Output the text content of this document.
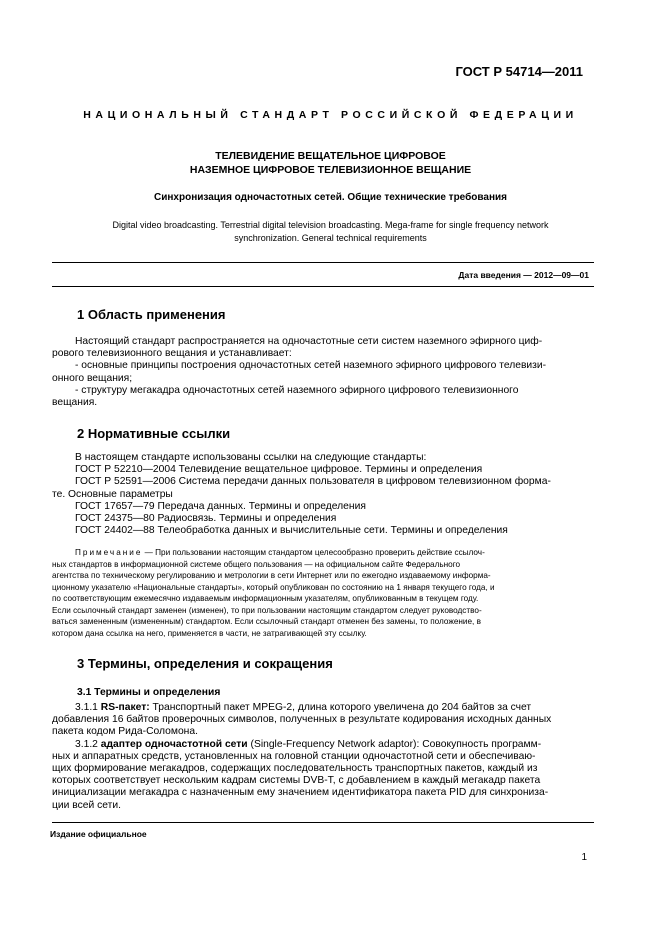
ГОСТ Р 54714—2011
НАЦИОНАЛЬНЫЙ СТАНДАРТ РОССИЙСКОЙ ФЕДЕРАЦИИ
ТЕЛЕВИДЕНИЕ ВЕЩАТЕЛЬНОЕ ЦИФРОВОЕ
НАЗЕМНОЕ ЦИФРОВОЕ ТЕЛЕВИЗИОННОЕ ВЕЩАНИЕ
Синхронизация одночастотных сетей. Общие технические требования
Digital video broadcasting. Terrestrial digital television broadcasting. Mega-frame for single frequency network
synchronization. General technical requirements
Дата введения — 2012—09—01
1 Область применения
Настоящий стандарт распространяется на одночастотные сети систем наземного эфирного циф-
рового телевизионного вещания и устанавливает:
- основные принципы построения одночастотных сетей наземного эфирного цифрового телевизи-
онного вещания;
- структуру мегакадра одночастотных сетей наземного эфирного цифрового телевизионного
вещания.
2 Нормативные ссылки
В настоящем стандарте использованы ссылки на следующие стандарты:
ГОСТ Р 52210—2004 Телевидение вещательное цифровое. Термины и определения
ГОСТ Р 52591—2006 Система передачи данных пользователя в цифровом телевизионном форма-
те. Основные параметры
ГОСТ 17657—79 Передача данных. Термины и определения
ГОСТ 24375—80 Радиосвязь. Термины и определения
ГОСТ 24402—88 Телеобработка данных и вычислительные сети. Термины и определения
Примечание — При пользовании настоящим стандартом целесообразно проверить действие ссылоч-
ных стандартов в информационной системе общего пользования — на официальном сайте Федерального
агентства по техническому регулированию и метрологии в сети Интернет или по ежегодно издаваемому информа-
ционному указателю «Национальные стандарты», который опубликован по состоянию на 1 января текущего года, и
по соответствующим ежемесячно издаваемым информационным указателям, опубликованным в текущем году.
Если ссылочный стандарт заменен (изменен), то при пользовании настоящим стандартом следует руководство-
ваться замененным (измененным) стандартом. Если ссылочный стандарт отменен без замены, то положение, в
котором дана ссылка на него, применяется в части, не затрагивающей эту ссылку.
3 Термины, определения и сокращения
3.1 Термины и определения
3.1.1 RS-пакет: Транспортный пакет MPEG-2, длина которого увеличена до 204 байтов за счет
добавления 16 байтов проверочных символов, полученных в результате кодирования исходных данных
пакета кодом Рида-Соломона.
3.1.2 адаптер одночастотной сети (Single-Frequency Network adaptor): Совокупность программ-
ных и аппаратных средств, установленных на головной станции одночастотной сети и обеспечиваю-
щих формирование мегакадров, содержащих последовательность транспортных пакетов, каждый из
которых соответствует нескольким кадрам системы DVB-T, с добавлением в каждый мегакадр пакета
инициализации мегакадра с назначенным ему значением идентификатора пакета PID для синхрониза-
ции всей сети.
Издание официальное
1
